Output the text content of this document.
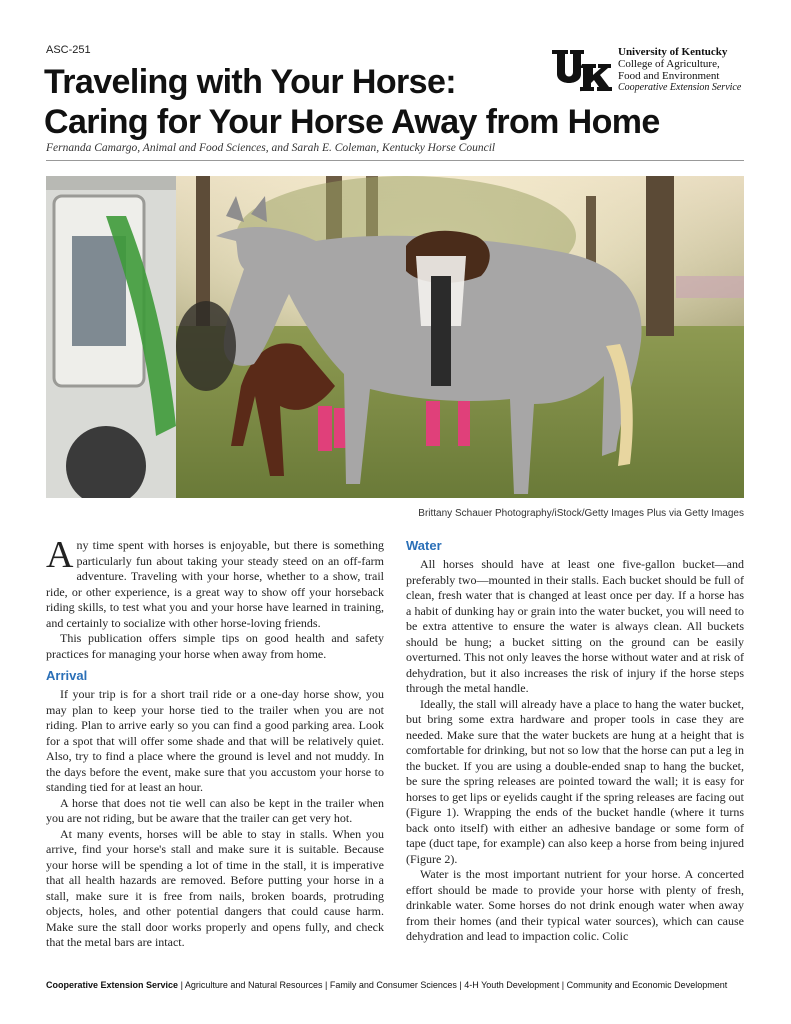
ASC-251
Traveling with Your Horse:
Caring for Your Horse Away from Home
Fernanda Camargo, Animal and Food Sciences, and Sarah E. Coleman, Kentucky Horse Council
UK
University of Kentucky
College of Agriculture,
Food and Environment
Cooperative Extension Service
Brittany Schauer Photography/iStock/Getty Images Plus via Getty Images

Any time spent with horses is enjoyable, but there is something particularly fun about taking your steady steed on an off-farm adventure. Traveling with your horse, whether to a show, trail ride, or other experience, is a great way to show off your horseback riding skills, to test what you and your horse have learned in training, and certainly to socialize with other horse-loving friends.

This publication offers simple tips on good health and safety practices for managing your horse when away from home.

Arrival

If your trip is for a short trail ride or a one-day horse show, you may plan to keep your horse tied to the trailer when you are not riding. Plan to arrive early so you can find a good parking area. Look for a spot that will offer some shade and that will be relatively quiet. Also, try to find a place where the ground is level and not muddy. In the days before the event, make sure that you accustom your horse to standing tied for at least an hour.

A horse that does not tie well can also be kept in the trailer when you are not riding, but be aware that the trailer can get very hot.

At many events, horses will be able to stay in stalls. When you arrive, find your horse's stall and make sure it is suitable. Because your horse will be spending a lot of time in the stall, it is imperative that all health hazards are removed. Before putting your horse in a stall, make sure it is free from nails, broken boards, protruding objects, holes, and other potential dangers that could cause harm. Make sure the stall door works properly and opens fully, and check that the metal bars are intact.

Water

All horses should have at least one five-gallon bucket—and preferably two—mounted in their stalls. Each bucket should be full of clean, fresh water that is changed at least once per day. If a horse has a habit of dunking hay or grain into the water bucket, you will need to be extra attentive to ensure the water is always clean. All buckets should be hung; a bucket sitting on the ground can be easily overturned. This not only leaves the horse without water and at risk of dehydration, but it also increases the risk of injury if the horse steps through the metal handle.

Ideally, the stall will already have a place to hang the water bucket, but bring some extra hardware and proper tools in case they are needed. Make sure that the water buckets are hung at a height that is comfortable for drinking, but not so low that the horse can put a leg in the bucket. If you are using a double-ended snap to hang the bucket, be sure the spring releases are pointed toward the wall; it is easy for horses to get lips or eyelids caught if the spring releases are facing out (Figure 1). Wrapping the ends of the bucket handle (where it turns back onto itself) with either an adhesive bandage or some form of tape (duct tape, for example) can also keep a horse from being injured (Figure 2).

Water is the most important nutrient for your horse. A concerted effort should be made to provide your horse with plenty of fresh, drinkable water. Some horses do not drink enough water when away from their homes (and their typical water sources), which can cause dehydration and lead to impaction colic. Colic

Cooperative Extension Service | Agriculture and Natural Resources | Family and Consumer Sciences | 4-H Youth Development | Community and Economic Development
